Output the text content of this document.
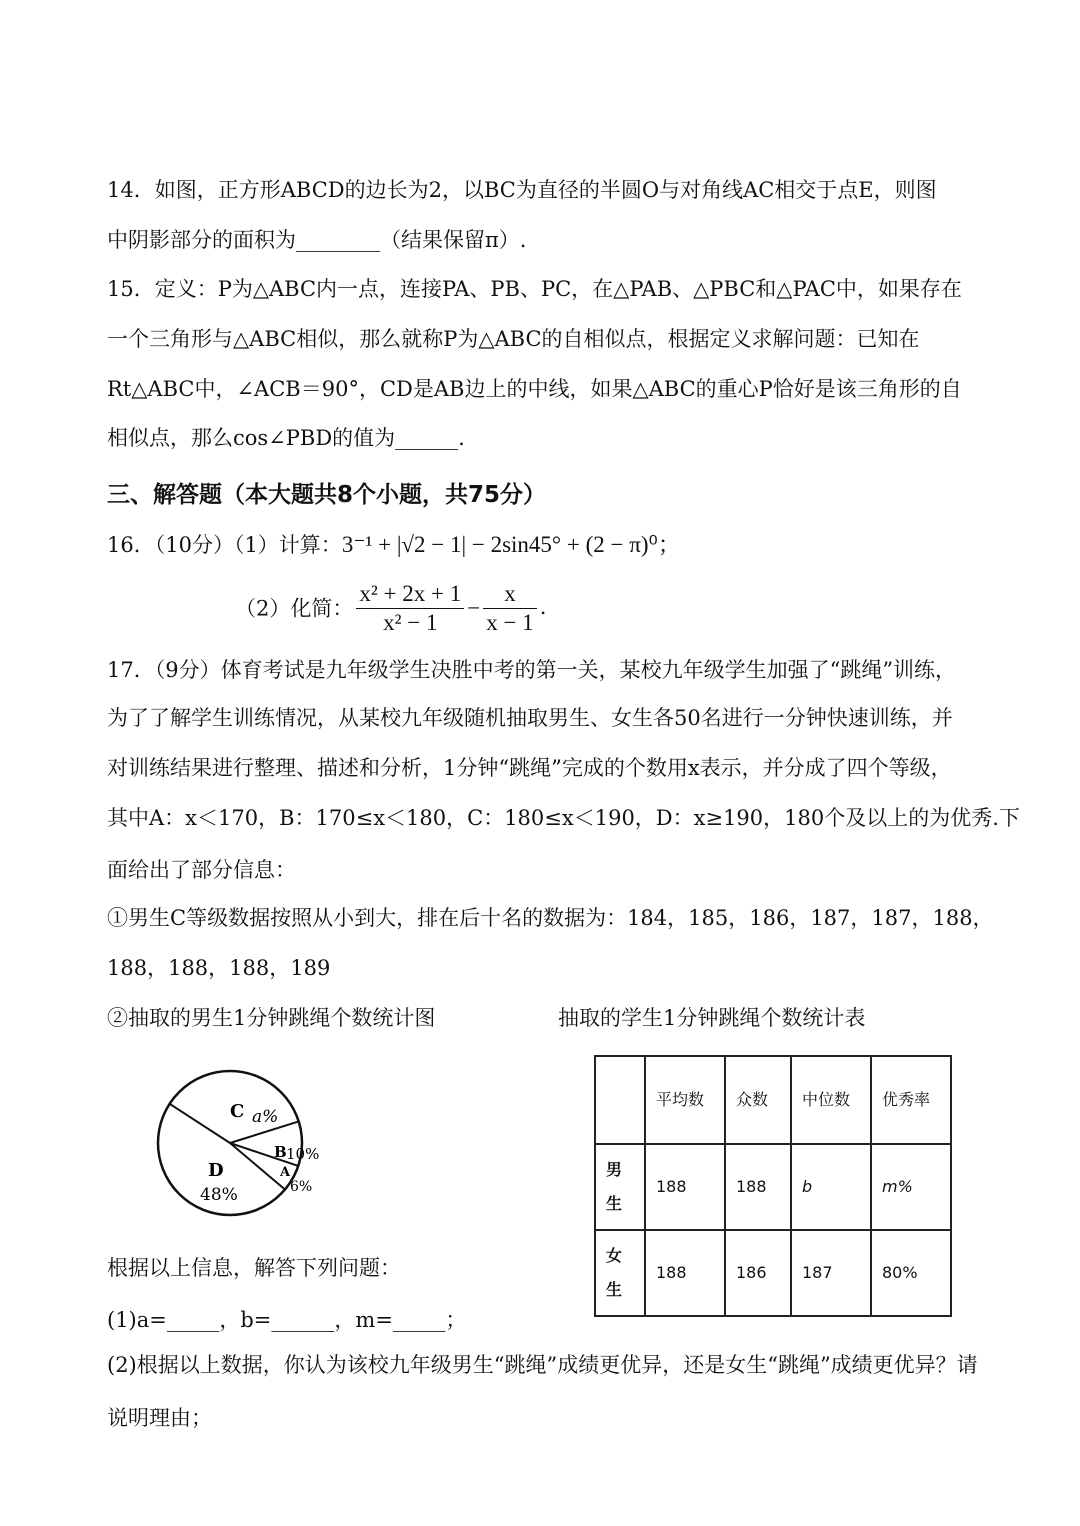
14．如图，正方形ABCD的边长为2，以BC为直径的半圆O与对角线AC相交于点E，则图
中阴影部分的面积为________（结果保留π）.
15．定义：P为△ABC内一点，连接PA、PB、PC，在△PAB、△PBC和△PAC中，如果存在
一个三角形与△ABC相似，那么就称P为△ABC的自相似点，根据定义求解问题：已知在
Rt△ABC中，∠ACB＝90°，CD是AB边上的中线，如果△ABC的重心P恰好是该三角形的自
相似点，那么cos∠PBD的值为______.
三、解答题（本大题共8个小题，共75分）
16．（10分）（1）计算：3⁻¹ + |√2 − 1| − 2sin45° + (2 − π)⁰；
（2）化简： $\frac{\text{x² + 2x + 1}}{\text{x² − 1}} - \frac{x}{x - 1}$ .
17．（9分）体育考试是九年级学生决胜中考的第一关，某校九年级学生加强了“跳绳”训练，
为了了解学生训练情况，从某校九年级随机抽取男生、女生各50名进行一分钟快速训练，并
对训练结果进行整理、描述和分析，1分钟“跳绳”完成的个数用x表示，并分成了四个等级，
其中A：x＜170，B：170≤x＜180，C：180≤x＜190，D：x≥190，180个及以上的为优秀.下
面给出了部分信息：
①男生C等级数据按照从小到大，排在后十名的数据为：184，185，186，187，187，188，
188，188，188，189
②抽取的男生1分钟跳绳个数统计图	抽取的学生1分钟跳绳个数统计表
C a%
B 10%
A
6%
D
48%
	平均数	众数	中位数	优秀率
男生	188	188	b	m%
女生	188	186	187	80%
根据以上信息，解答下列问题：
(1)a=_____，b=______，m=_____；
(2)根据以上数据，你认为该校九年级男生“跳绳”成绩更优异，还是女生“跳绳”成绩更优异？请
说明理由；
